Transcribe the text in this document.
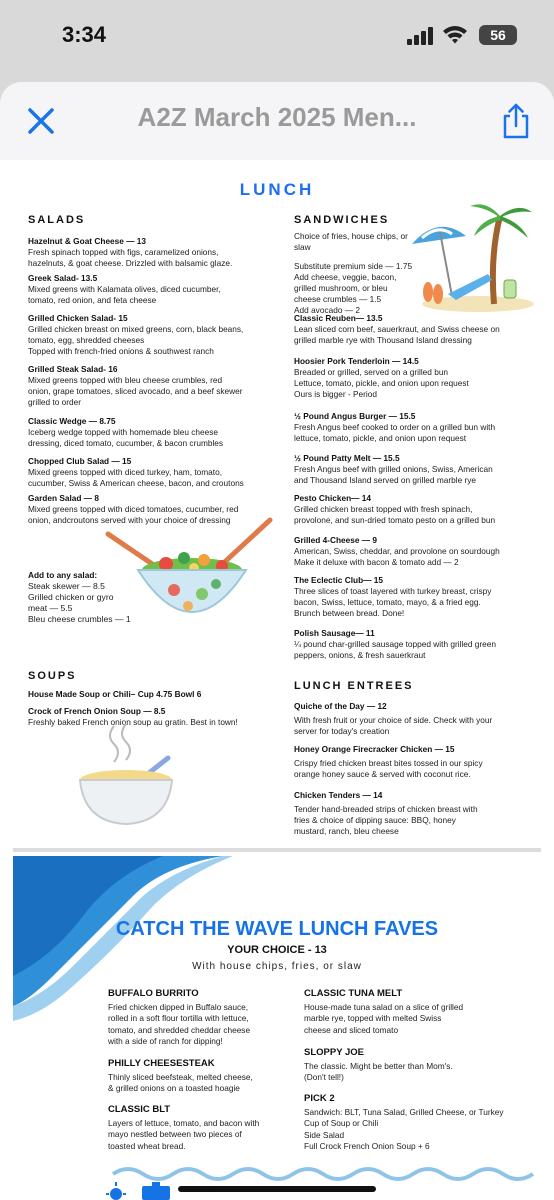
3:34	56
A2Z March 2025 Men...
LUNCH
SALADS
Hazelnut & Goat Cheese — 13
Fresh spinach topped with figs, caramelized onions,
hazelnuts, & goat cheese. Drizzled with balsamic glaze.
Greek Salad- 13.5
Mixed greens with Kalamata olives, diced cucumber,
tomato, red onion, and feta cheese
Grilled Chicken Salad- 15
Grilled chicken breast on mixed greens, corn, black beans,
tomato, egg, shredded cheeses
Topped with french-fried onions & southwest ranch
Grilled Steak Salad- 16
Mixed greens topped with bleu cheese crumbles, red
onion, grape tomatoes, sliced avocado, and a beef skewer
grilled to order
Classic Wedge — 8.75
Iceberg wedge topped with homemade bleu cheese
dressing, diced tomato, cucumber, & bacon crumbles
Chopped Club Salad — 15
Mixed greens topped with diced turkey, ham, tomato,
cucumber, Swiss & American cheese, bacon, and croutons
Garden Salad — 8
Mixed greens topped with diced tomatoes, cucumber, red
onion, andcroutons served with your choice of dressing
Add to any salad:
Steak skewer — 8.5
Grilled chicken or gyro
meat — 5.5
Bleu cheese crumbles — 1
SOUPS
House Made Soup or Chili– Cup 4.75 Bowl 6
Crock of French Onion Soup — 8.5
Freshly baked French onion soup au gratin. Best in town!
SANDWICHES
Choice of fries, house chips, or
slaw
Substitute premium side — 1.75
Add cheese, veggie, bacon,
grilled mushroom, or bleu
cheese crumbles — 1.5
Add avocado — 2
Classic Reuben— 13.5
Lean sliced corn beef, sauerkraut, and Swiss cheese on
grilled marble rye with Thousand Island dressing
Hoosier Pork Tenderloin — 14.5
Breaded or grilled, served on a grilled bun
Lettuce, tomato, pickle, and onion upon request
Ours is bigger - Period
½ Pound Angus Burger — 15.5
Fresh Angus beef cooked to order on a grilled bun with
lettuce, tomato, pickle, and onion upon request
½ Pound Patty Melt — 15.5
Fresh Angus beef with grilled onions, Swiss, American
and Thousand Island served on grilled marble rye
Pesto Chicken— 14
Grilled chicken breast topped with fresh spinach,
provolone, and sun-dried tomato pesto on a grilled bun
Grilled 4-Cheese — 9
American, Swiss, cheddar, and provolone on sourdough
Make it deluxe with bacon & tomato add — 2
The Eclectic Club— 15
Three slices of toast layered with turkey breast, crispy
bacon, Swiss, lettuce, tomato, mayo, & a fried egg.
Brunch between bread. Done!
Polish Sausage— 11
¼ pound char-grilled sausage topped with grilled green
peppers, onions, & fresh sauerkraut
LUNCH ENTREES
Quiche of the Day — 12
With fresh fruit or your choice of side. Check with your
server for today's creation
Honey Orange Firecracker Chicken — 15
Crispy fried chicken breast bites tossed in our spicy
orange honey sauce & served with coconut rice.
Chicken Tenders — 14
Tender hand-breaded strips of chicken breast with
fries & choice of dipping sauce: BBQ, honey
mustard, ranch, bleu cheese
CATCH THE WAVE LUNCH FAVES
YOUR CHOICE - 13
With house chips, fries, or slaw
BUFFALO BURRITO
Fried chicken dipped in Buffalo sauce,
rolled in a soft flour tortilla with lettuce,
tomato, and shredded cheddar cheese
with a side of ranch for dipping!
PHILLY CHEESESTEAK
Thinly sliced beefsteak, melted cheese,
& grilled onions on a toasted hoagie
CLASSIC BLT
Layers of lettuce, tomato, and bacon with
mayo nestled between two pieces of
toasted wheat bread.
CLASSIC TUNA MELT
House-made tuna salad on a slice of grilled
marble rye, topped with melted Swiss
cheese and sliced tomato
SLOPPY JOE
The classic. Might be better than Mom's.
(Don't tell!)
PICK 2
Sandwich: BLT, Tuna Salad, Grilled Cheese, or Turkey
Cup of Soup or Chili
Side Salad
Full Crock French Onion Soup + 6
